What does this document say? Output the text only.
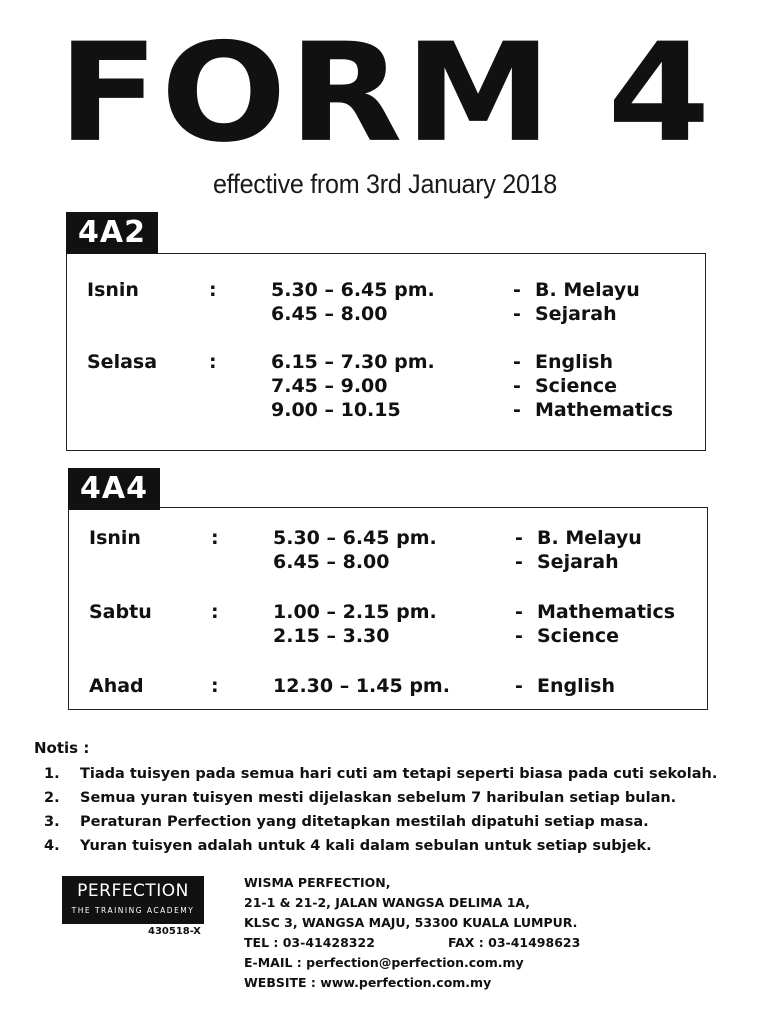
FORM 4
effective from 3rd January 2018
Isnin	:	5.30 – 6.45 pm.	- B. Melayu
6.45 – 8.00	- Sejarah
Selasa	:	6.15 – 7.30 pm.	- English
7.45 – 9.00	- Science
9.00 – 10.15	- Mathematics
4A2
Isnin	:	5.30 – 6.45 pm.	- B. Melayu
6.45 – 8.00	- Sejarah
Sabtu	:	1.00 – 2.15 pm.	- Mathematics
2.15 – 3.30	- Science
Ahad	:	12.30 – 1.45 pm.	- English
4A4
Notis :
1. Tiada tuisyen pada semua hari cuti am tetapi seperti biasa pada cuti sekolah.
2. Semua yuran tuisyen mesti dijelaskan sebelum 7 haribulan setiap bulan.
3. Peraturan Perfection yang ditetapkan mestilah dipatuhi setiap masa.
4. Yuran tuisyen adalah untuk 4 kali dalam sebulan untuk setiap subjek.
PERFECTION
THE TRAINING ACADEMY
430518-X
WISMA PERFECTION,
21-1 & 21-2, JALAN WANGSA DELIMA 1A,
KLSC 3, WANGSA MAJU, 53300 KUALA LUMPUR.
TEL : 03-41428322	FAX : 03-41498623
E-MAIL : perfection@perfection.com.my
WEBSITE : www.perfection.com.my
